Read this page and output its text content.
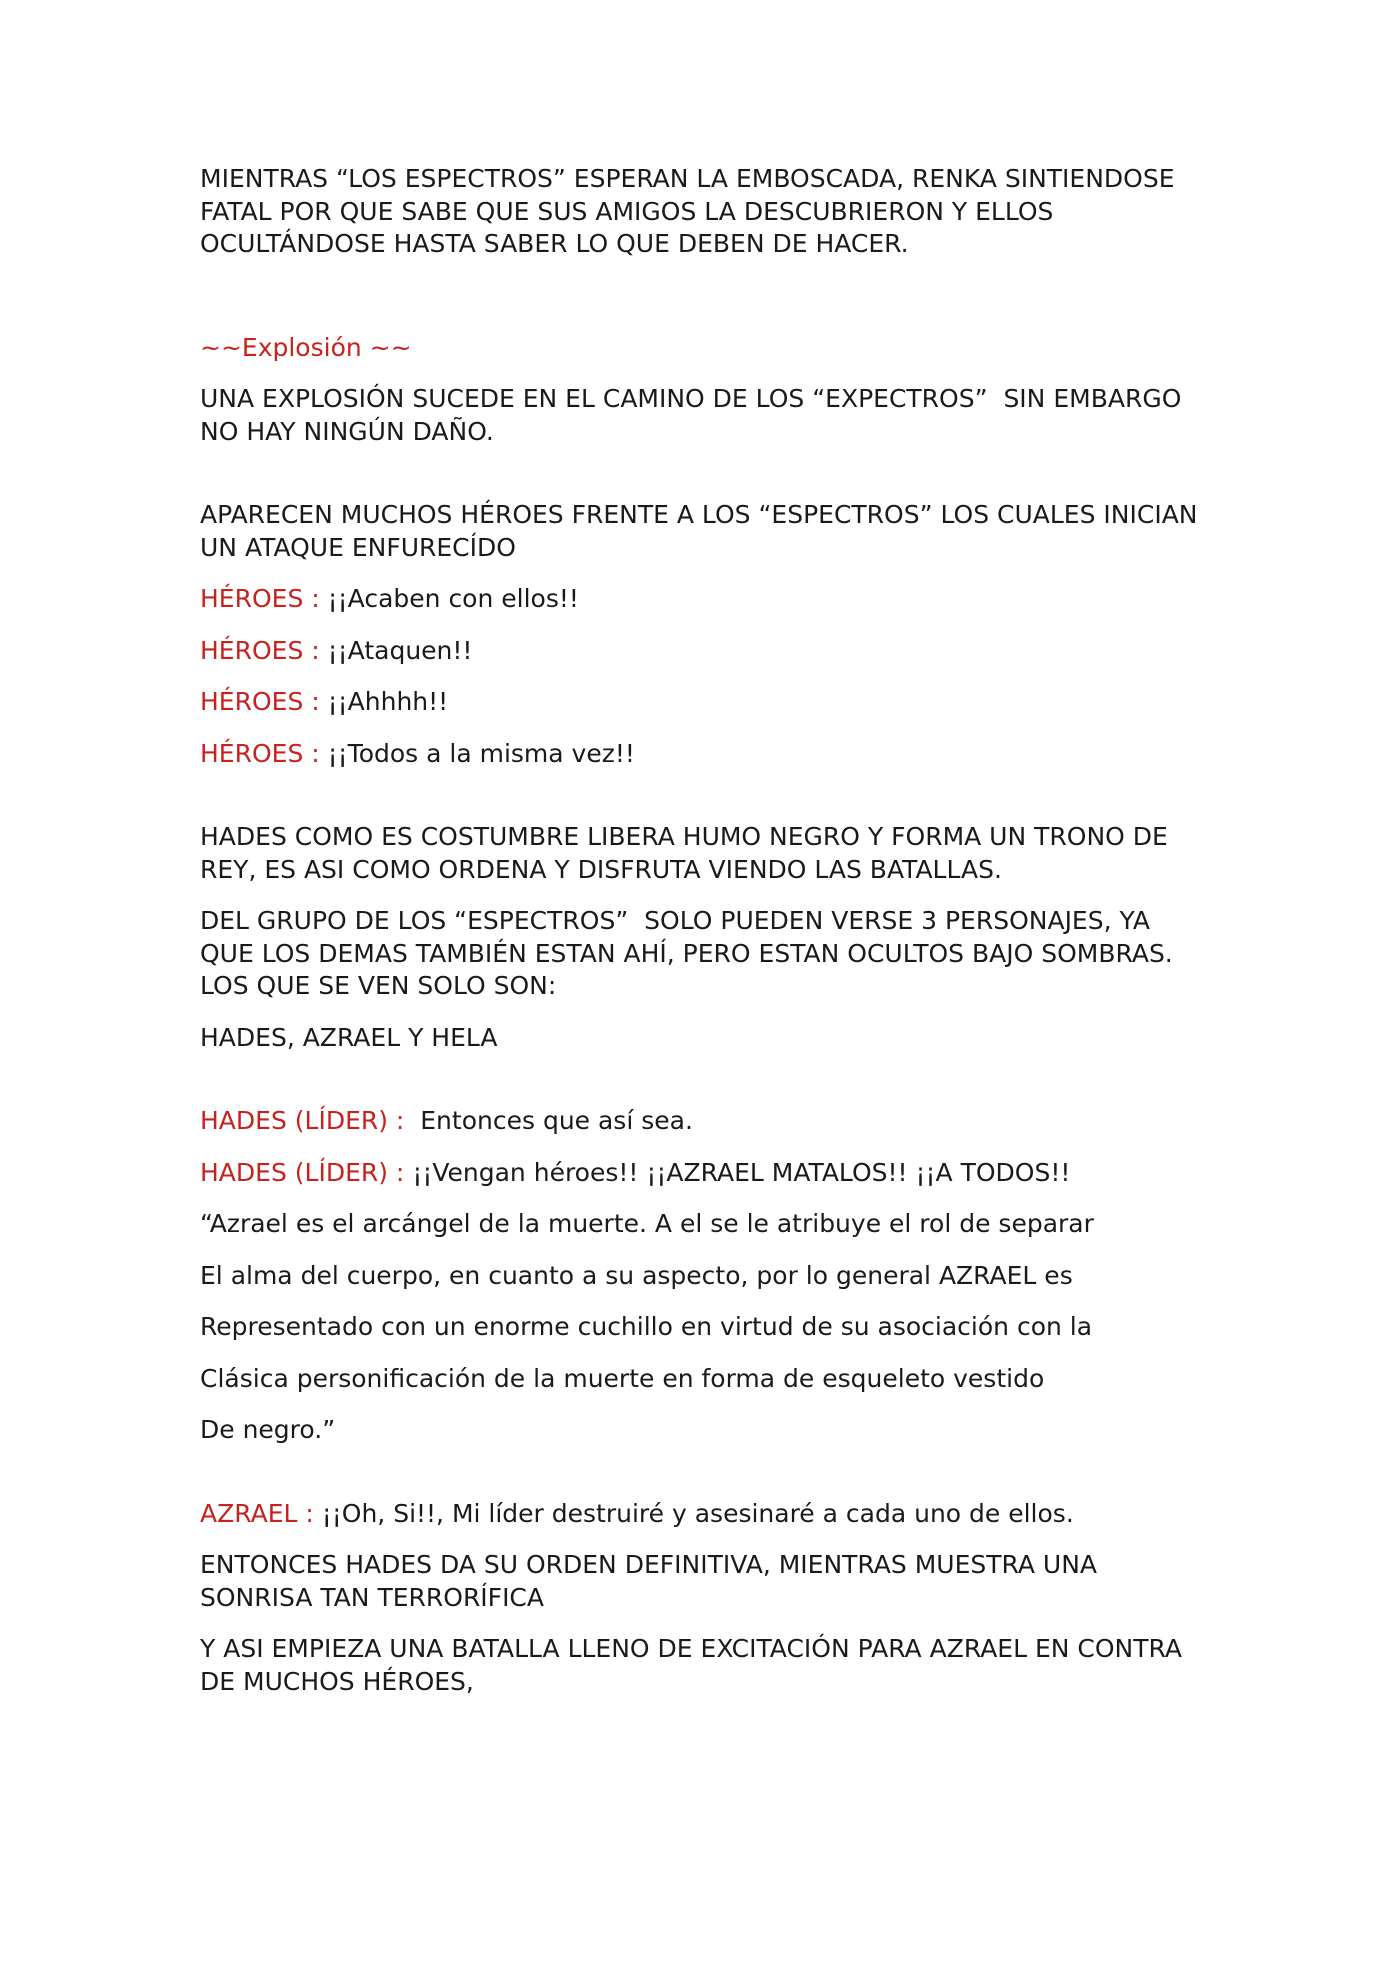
MIENTRAS “LOS ESPECTROS” ESPERAN LA EMBOSCADA, RENKA SINTIENDOSE FATAL POR QUE SABE QUE SUS AMIGOS LA DESCUBRIERON Y ELLOS OCULTÁNDOSE HASTA SABER LO QUE DEBEN DE HACER.

~~Explosión ~~

UNA EXPLOSIÓN SUCEDE EN EL CAMINO DE LOS “EXPECTROS”  SIN EMBARGO NO HAY NINGÚN DAÑO.

APARECEN MUCHOS HÉROES FRENTE A LOS “ESPECTROS” LOS CUALES INICIAN UN ATAQUE ENFURECÍDO

HÉROES : ¡¡Acaben con ellos!!

HÉROES : ¡¡Ataquen!!

HÉROES : ¡¡Ahhhh!!

HÉROES : ¡¡Todos a la misma vez!!

HADES COMO ES COSTUMBRE LIBERA HUMO NEGRO Y FORMA UN TRONO DE REY, ES ASI COMO ORDENA Y DISFRUTA VIENDO LAS BATALLAS.

DEL GRUPO DE LOS “ESPECTROS”  SOLO PUEDEN VERSE 3 PERSONAJES, YA QUE LOS DEMAS TAMBIÉN ESTAN AHÍ, PERO ESTAN OCULTOS BAJO SOMBRAS. LOS QUE SE VEN SOLO SON:

HADES, AZRAEL Y HELA

HADES (LÍDER) :  Entonces que así sea.

HADES (LÍDER) : ¡¡Vengan héroes!! ¡¡AZRAEL MATALOS!! ¡¡A TODOS!!

“Azrael es el arcángel de la muerte. A el se le atribuye el rol de separar

El alma del cuerpo, en cuanto a su aspecto, por lo general AZRAEL es

Representado con un enorme cuchillo en virtud de su asociación con la

Clásica personificación de la muerte en forma de esqueleto vestido

De negro.”

AZRAEL : ¡¡Oh, Si!!, Mi líder destruiré y asesinaré a cada uno de ellos.

ENTONCES HADES DA SU ORDEN DEFINITIVA, MIENTRAS MUESTRA UNA SONRISA TAN TERRORÍFICA

Y ASI EMPIEZA UNA BATALLA LLENO DE EXCITACIÓN PARA AZRAEL EN CONTRA DE MUCHOS HÉROES,
